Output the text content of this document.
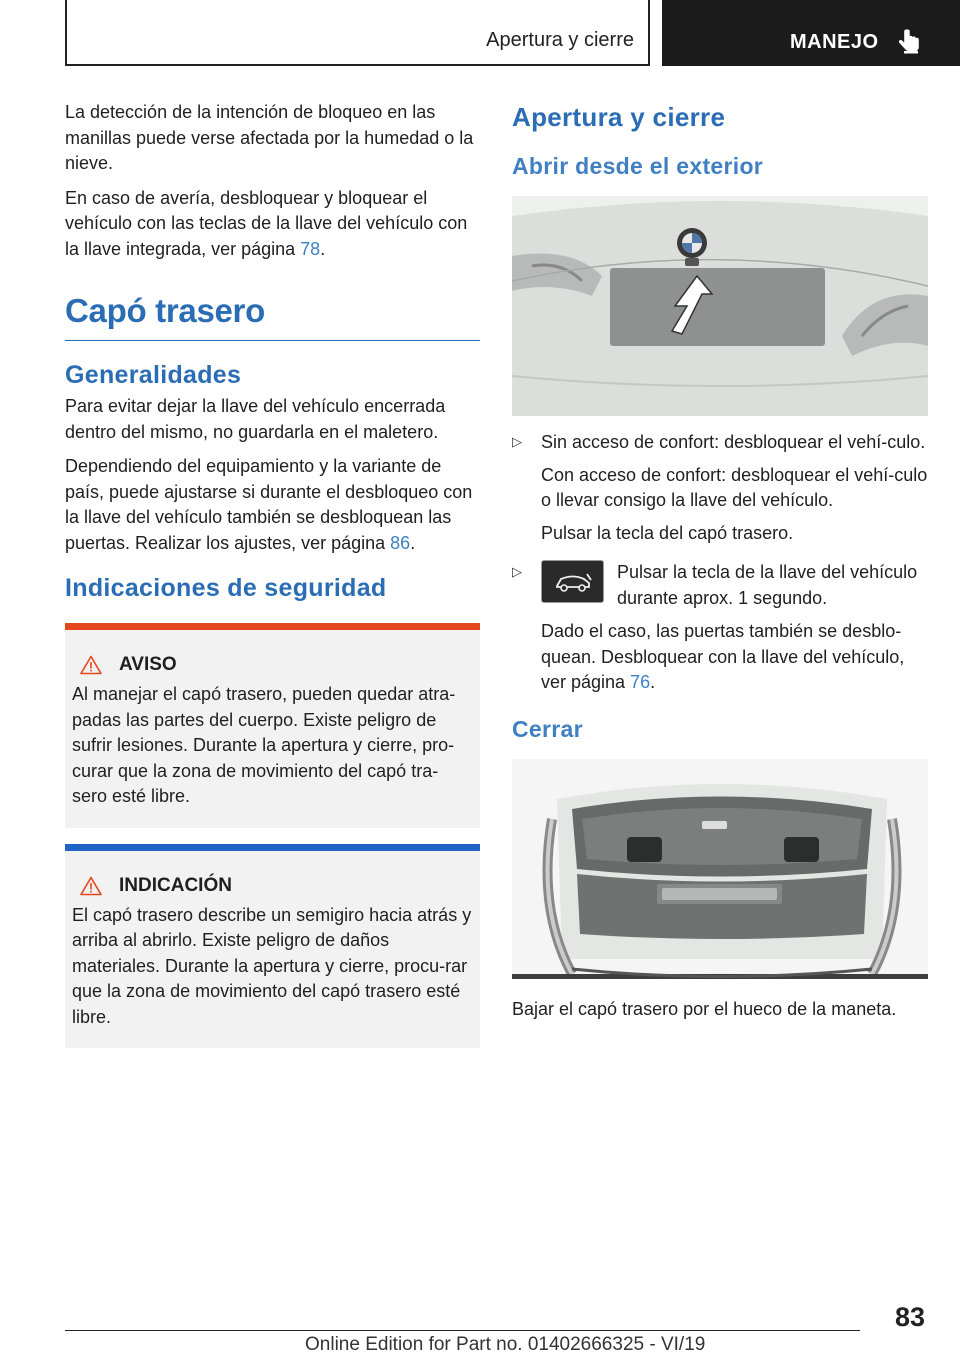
Apertura y cierre	MANEJO

La detección de la intención de bloqueo en las manillas puede verse afectada por la humedad o la nieve.

En caso de avería, desbloquear y bloquear el vehículo con las teclas de la llave del vehículo con la llave integrada, ver página 78.

Capó trasero
Generalidades

Para evitar dejar la llave del vehículo encerrada dentro del mismo, no guardarla en el maletero.

Dependiendo del equipamiento y la variante de país, puede ajustarse si durante el desbloqueo con la llave del vehículo también se desbloquean las puertas. Realizar los ajustes, ver página 86.

Indicaciones de seguridad
AVISO

Al manejar el capó trasero, pueden quedar atra-padas las partes del cuerpo. Existe peligro de sufrir lesiones. Durante la apertura y cierre, pro-curar que la zona de movimiento del capó tra-sero esté libre.

INDICACIÓN

El capó trasero describe un semigiro hacia atrás y arriba al abrirlo. Existe peligro de daños materiales. Durante la apertura y cierre, procu-rar que la zona de movimiento del capó trasero esté libre.

Apertura y cierre
Abrir desde el exterior
▷ Sin acceso de confort: desbloquear el vehí-culo.

Con acceso de confort: desbloquear el vehí-culo o llevar consigo la llave del vehículo.

Pulsar la tecla del capó trasero.

▷	Pulsar la tecla de la llave del vehículo durante aprox. 1 segundo.

Dado el caso, las puertas también se desblo-quean. Desbloquear con la llave del vehículo, ver página 76.

Cerrar

Bajar el capó trasero por el hueco de la maneta.

83
Online Edition for Part no. 01402666325 - VI/19
